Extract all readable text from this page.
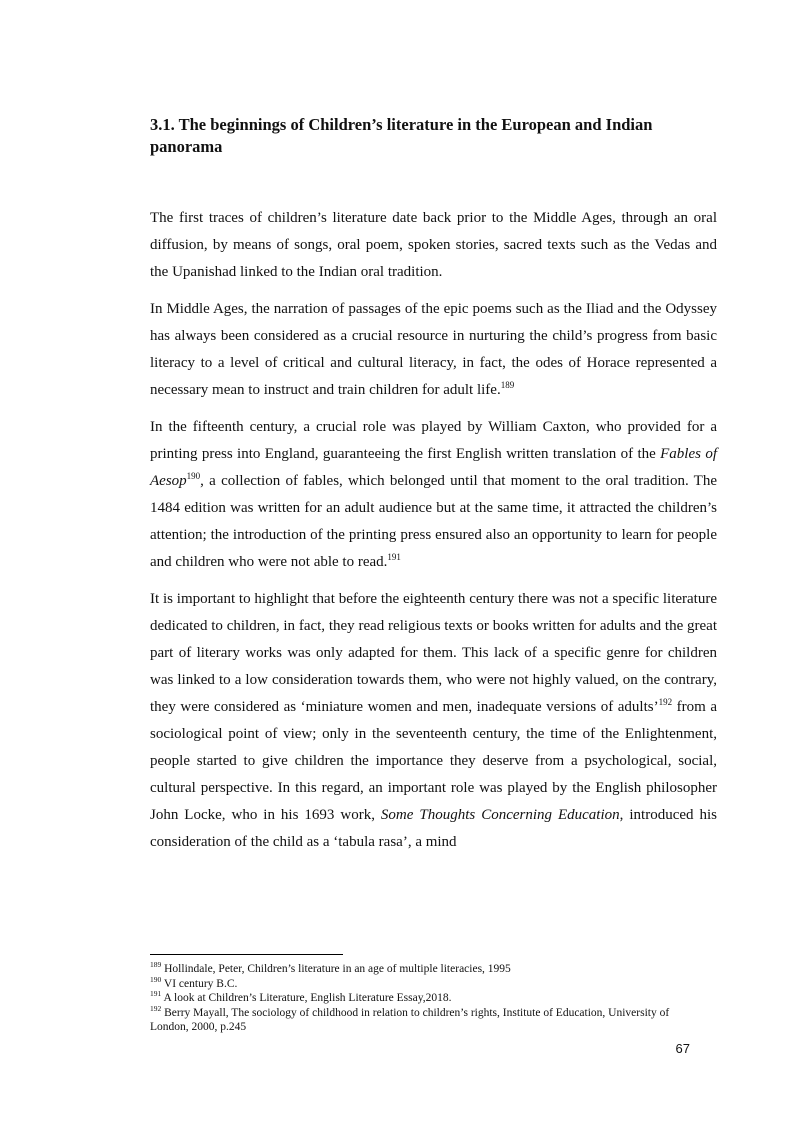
3.1. The beginnings of Children’s literature in the European and Indian panorama

The first traces of children’s literature date back prior to the Middle Ages, through an oral diffusion, by means of songs, oral poem, spoken stories, sacred texts such as the Vedas and the Upanishad linked to the Indian oral tradition.

In Middle Ages, the narration of passages of the epic poems such as the Iliad and the Odyssey has always been considered as a crucial resource in nurturing the child’s progress from basic literacy to a level of critical and cultural literacy, in fact, the odes of Horace represented a necessary mean to instruct and train children for adult life.$^{189}$

In the fifteenth century, a crucial role was played by William Caxton, who provided for a printing press into England, guaranteeing the first English written translation of the Fables of Aesop$^{190}$, a collection of fables, which belonged until that moment to the oral tradition. The 1484 edition was written for an adult audience but at the same time, it attracted the children’s attention; the introduction of the printing press ensured also an opportunity to learn for people and children who were not able to read.$^{191}$

It is important to highlight that before the eighteenth century there was not a specific literature dedicated to children, in fact, they read religious texts or books written for adults and the great part of literary works was only adapted for them. This lack of a specific genre for children was linked to a low consideration towards them, who were not highly valued, on the contrary, they were considered as ‘miniature women and men, inadequate versions of adults’$^{192}$ from a sociological point of view; only in the seventeenth century, the time of the Enlightenment, people started to give children the importance they deserve from a psychological, social, cultural perspective. In this regard, an important role was played by the English philosopher John Locke, who in his 1693 work, Some Thoughts Concerning Education, introduced his consideration of the child as a ‘tabula rasa’, a mind

$^{189}$ Hollindale, Peter, Children’s literature in an age of multiple literacies, 1995

$^{190}$ VI century B.C.

$^{191}$ A look at Children’s Literature, English Literature Essay,2018.

$^{192}$ Berry Mayall, The sociology of childhood in relation to children’s rights, Institute of Education, University of London, 2000, p.245

67
